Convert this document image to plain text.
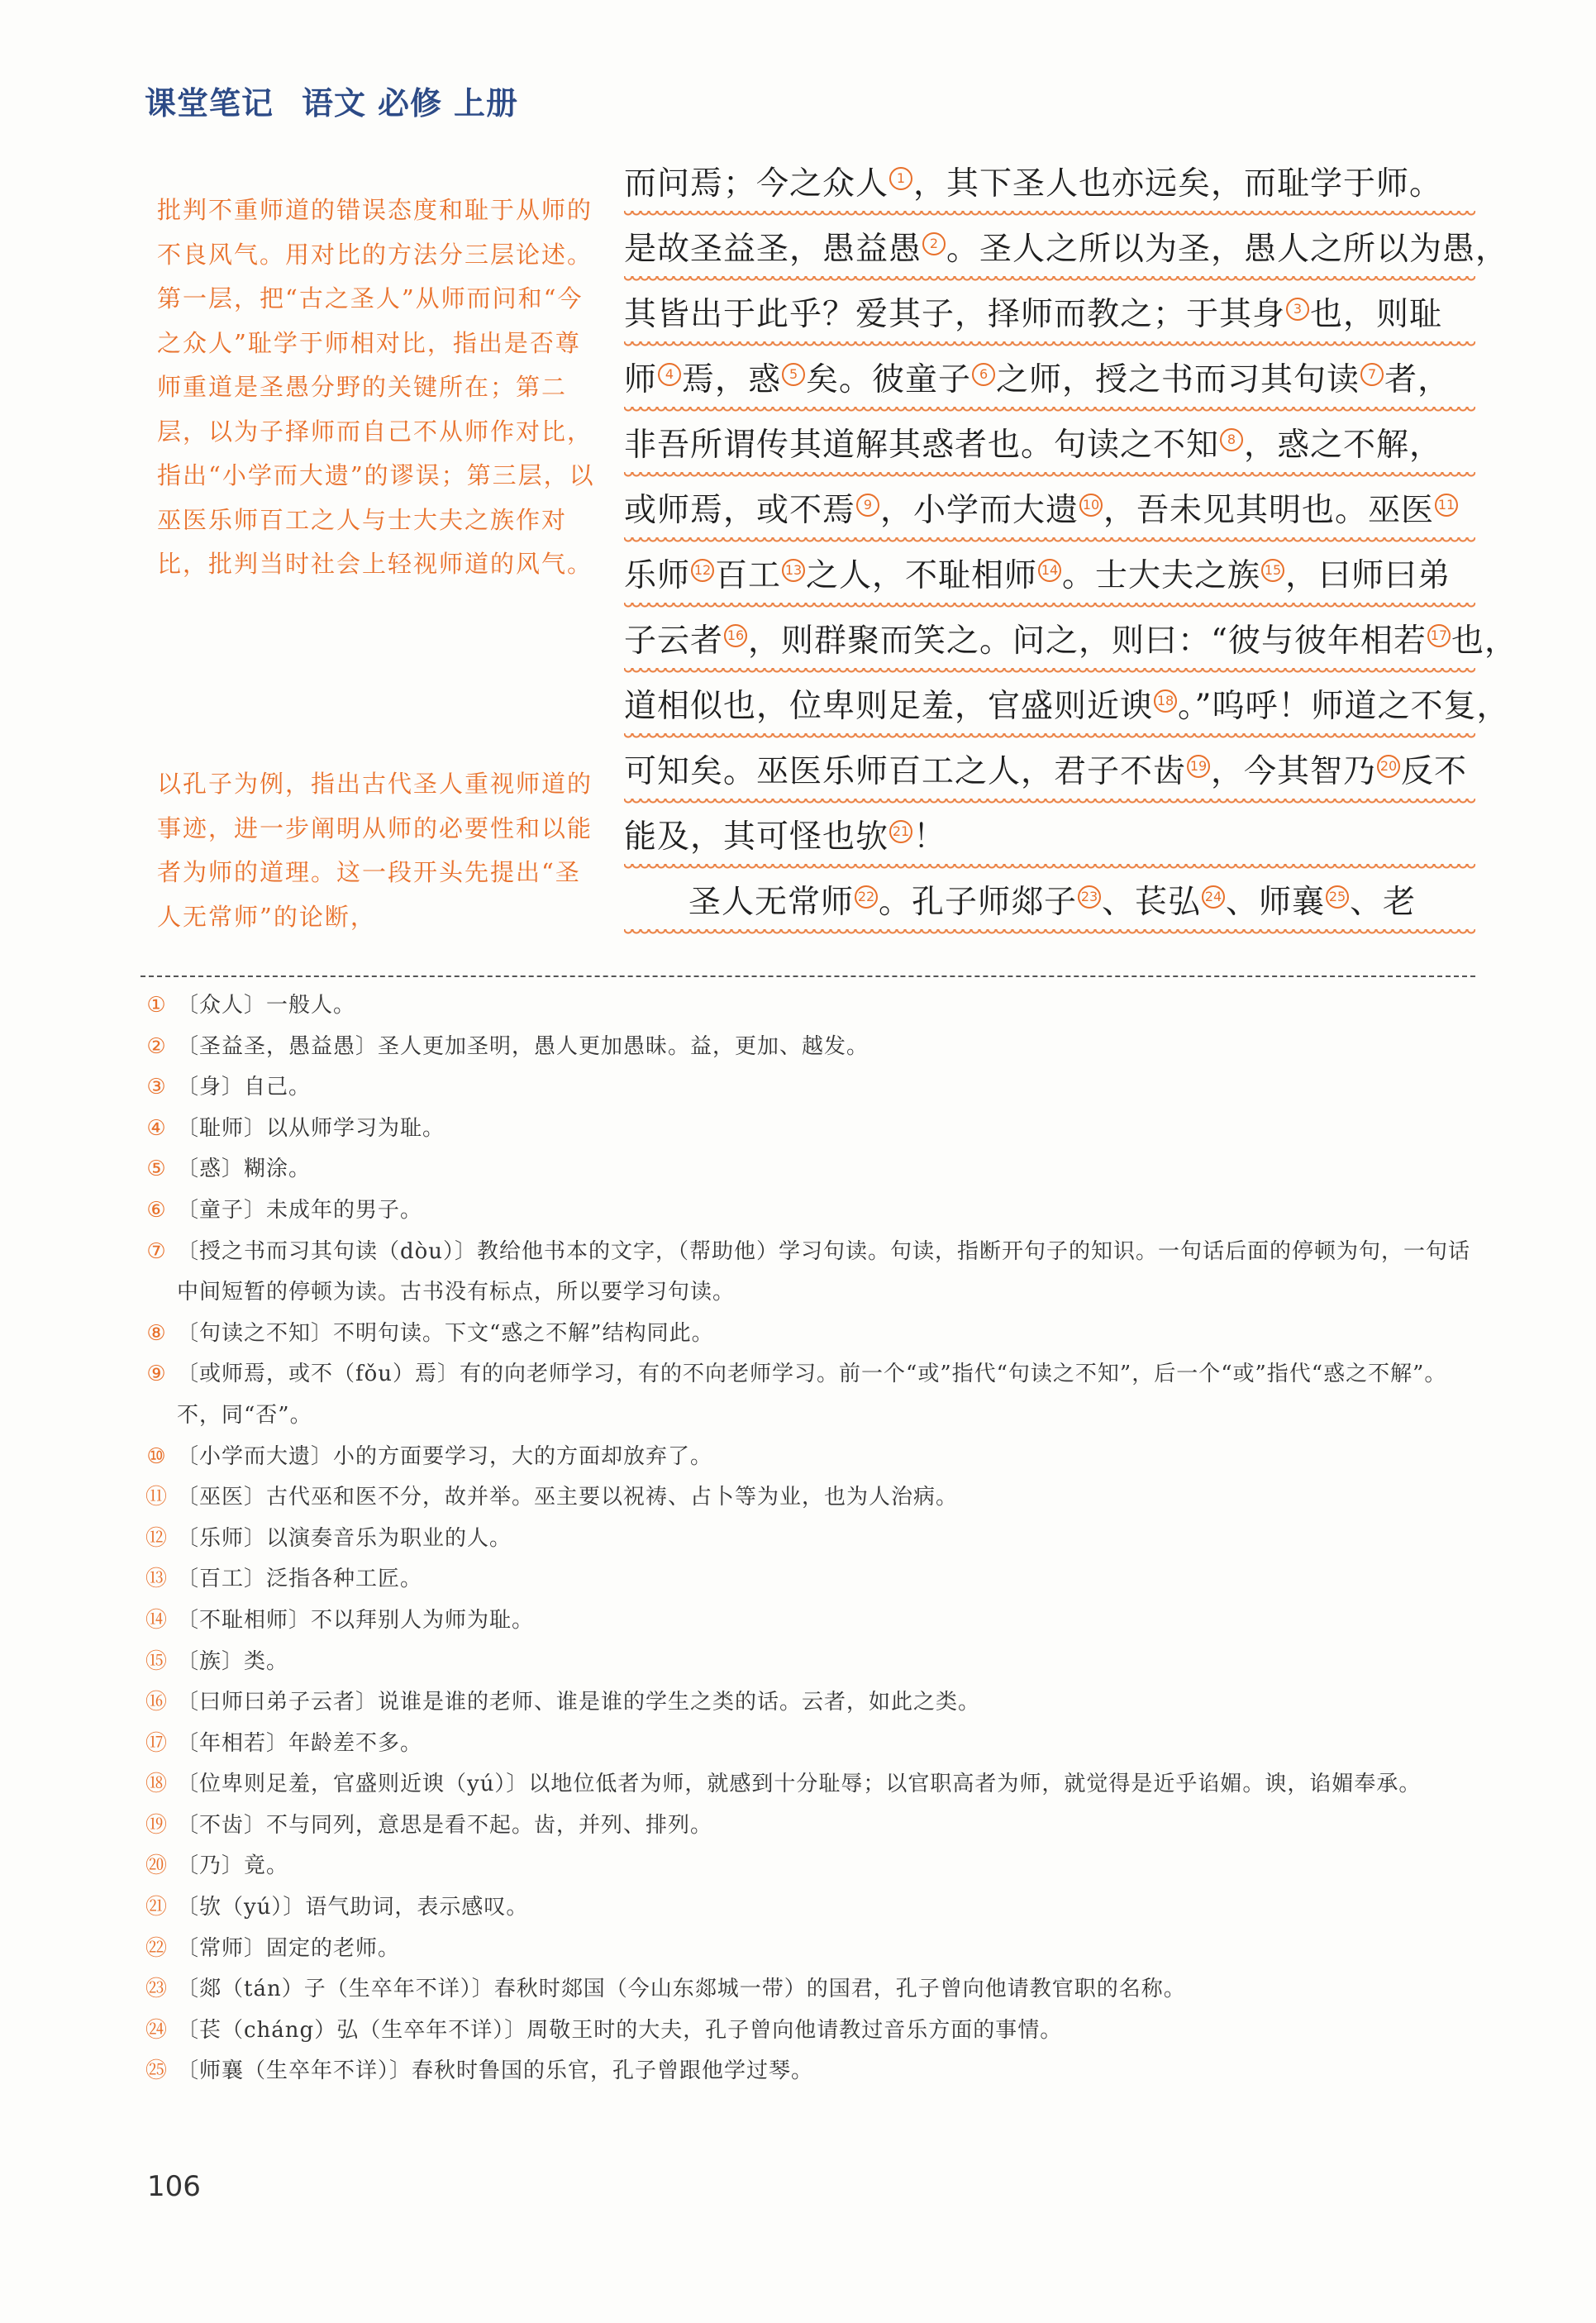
课堂笔记 语文 必修 上册
批判不重师道的错误态度和耻于从师的不良风气。用对比的方法分三层论述。第一层，把“古之圣人”从师而问和“今之众人”耻学于师相对比，指出是否尊师重道是圣愚分野的关键所在；第二层，以为子择师而自己不从师作对比，指出“小学而大遗”的谬误；第三层，以巫医乐师百工之人与士大夫之族作对比，批判当时社会上轻视师道的风气。
以孔子为例，指出古代圣人重视师道的事迹，进一步阐明从师的必要性和以能者为师的道理。这一段开头先提出“圣人无常师”的论断，
而问焉；今之众人 1 ，其下圣人也亦远矣，而耻学于师。
是故圣益圣，愚益愚 2 。圣人之所以为圣，愚人之所以为愚，
其皆出于此乎？爱其子，择师而教之；于其身 3 也，则耻
师 4 焉，惑 5 矣。彼童子 6 之师，授之书而习其句读 7 者，
非吾所谓传其道解其惑者也。句读之不知 8 ，惑之不解，
或师焉，或不焉 9 ，小学而大遗 10 ，吾未见其明也。巫医 11
乐师 12 百工 13 之人，不耻相师 14 。士大夫之族 15 ，曰师曰弟
子云者 16 ，则群聚而笑之。问之，则曰：“彼与彼年相若 17 也，
道相似也，位卑则足羞，官盛则近谀 18 。”呜呼！师道之不复，
可知矣。巫医乐师百工之人，君子不齿 19 ，今其智乃 20 反不
能及，其可怪也欤 21 ！
圣人无常师 22 。孔子师郯子 23 、苌弘 24 、师襄 25 、老
① 〔众人〕一般人。
② 〔圣益圣，愚益愚〕圣人更加圣明，愚人更加愚昧。益，更加、越发。
③ 〔身〕自己。
④ 〔耻师〕以从师学习为耻。
⑤ 〔惑〕糊涂。
⑥ 〔童子〕未成年的男子。
⑦ 〔授之书而习其句读（dòu）〕教给他书本的文字，（帮助他）学习句读。句读，指断开句子的知识。一句话后面的停顿为句，一句话中间短暂的停顿为读。古书没有标点，所以要学习句读。
⑧ 〔句读之不知〕不明句读。下文“惑之不解”结构同此。
⑨ 〔或师焉，或不（fǒu）焉〕有的向老师学习，有的不向老师学习。前一个“或”指代“句读之不知”，后一个“或”指代“惑之不解”。不，同“否”。
⑩ 〔小学而大遗〕小的方面要学习，大的方面却放弃了。
⑪ 〔巫医〕古代巫和医不分，故并举。巫主要以祝祷、占卜等为业，也为人治病。
⑫ 〔乐师〕以演奏音乐为职业的人。
⑬ 〔百工〕泛指各种工匠。
⑭ 〔不耻相师〕不以拜别人为师为耻。
⑮ 〔族〕类。
⑯ 〔曰师曰弟子云者〕说谁是谁的老师、谁是谁的学生之类的话。云者，如此之类。
⑰ 〔年相若〕年龄差不多。
⑱ 〔位卑则足羞，官盛则近谀（yú）〕以地位低者为师，就感到十分耻辱；以官职高者为师，就觉得是近乎谄媚。谀，谄媚奉承。
⑲ 〔不齿〕不与同列，意思是看不起。齿，并列、排列。
⑳ 〔乃〕竟。
㉑ 〔欤（yú）〕语气助词，表示感叹。
㉒ 〔常师〕固定的老师。
㉓ 〔郯（tán）子（生卒年不详）〕春秋时郯国（今山东郯城一带）的国君，孔子曾向他请教官职的名称。
㉔ 〔苌（cháng）弘（生卒年不详）〕周敬王时的大夫，孔子曾向他请教过音乐方面的事情。
㉕ 〔师襄（生卒年不详）〕春秋时鲁国的乐官，孔子曾跟他学过琴。
106
